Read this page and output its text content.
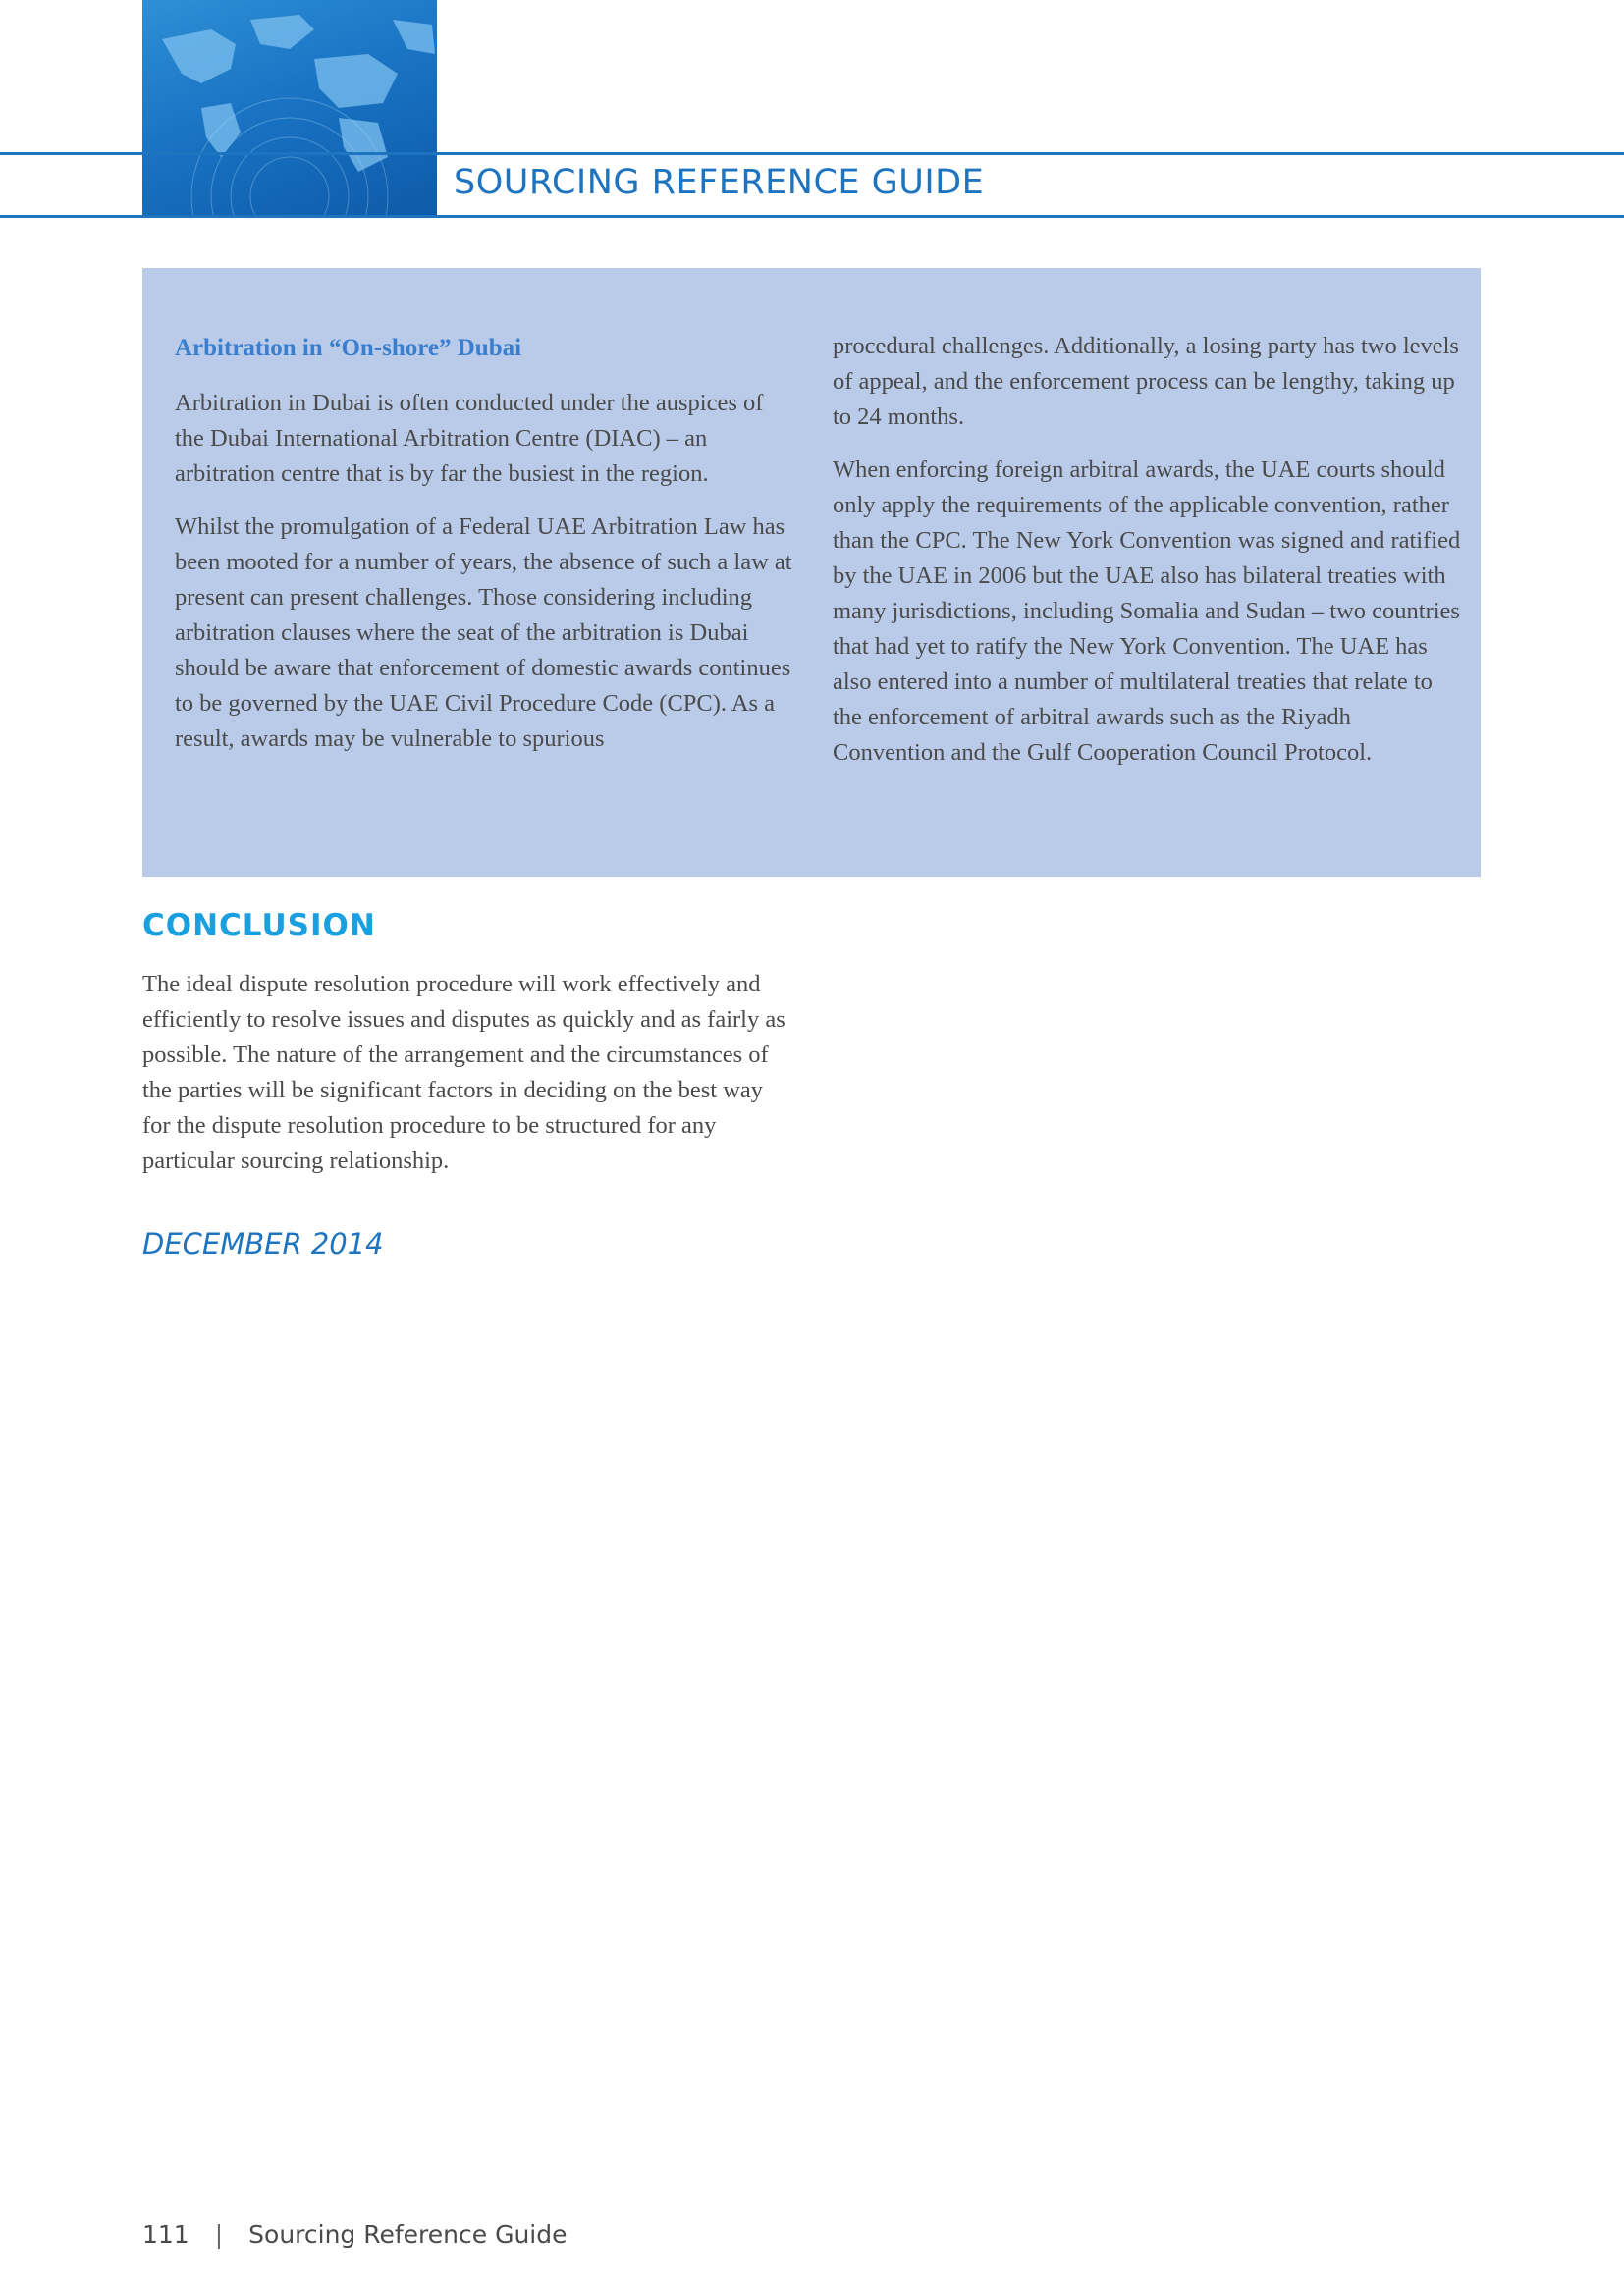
SOURCING REFERENCE GUIDE
Arbitration in “On-shore” Dubai

Arbitration in Dubai is often conducted under the auspices of the Dubai International Arbitration Centre (DIAC) – an arbitration centre that is by far the busiest in the region.

Whilst the promulgation of a Federal UAE Arbitration Law has been mooted for a number of years, the absence of such a law at present can present challenges. Those considering including arbitration clauses where the seat of the arbitration is Dubai should be aware that enforcement of domestic awards continues to be governed by the UAE Civil Procedure Code (CPC). As a result, awards may be vulnerable to spurious

procedural challenges. Additionally, a losing party has two levels of appeal, and the enforcement process can be lengthy, taking up to 24 months.

When enforcing foreign arbitral awards, the UAE courts should only apply the requirements of the applicable convention, rather than the CPC. The New York Convention was signed and ratified by the UAE in 2006 but the UAE also has bilateral treaties with many jurisdictions, including Somalia and Sudan – two countries that had yet to ratify the New York Convention. The UAE has also entered into a number of multilateral treaties that relate to the enforcement of arbitral awards such as the Riyadh Convention and the Gulf Cooperation Council Protocol.

CONCLUSION
The ideal dispute resolution procedure will work effectively and efficiently to resolve issues and disputes as quickly and as fairly as possible. The nature of the arrangement and the circumstances of the parties will be significant factors in deciding on the best way for the dispute resolution procedure to be structured for any particular sourcing relationship.
DECEMBER 2014
111 | Sourcing Reference Guide
